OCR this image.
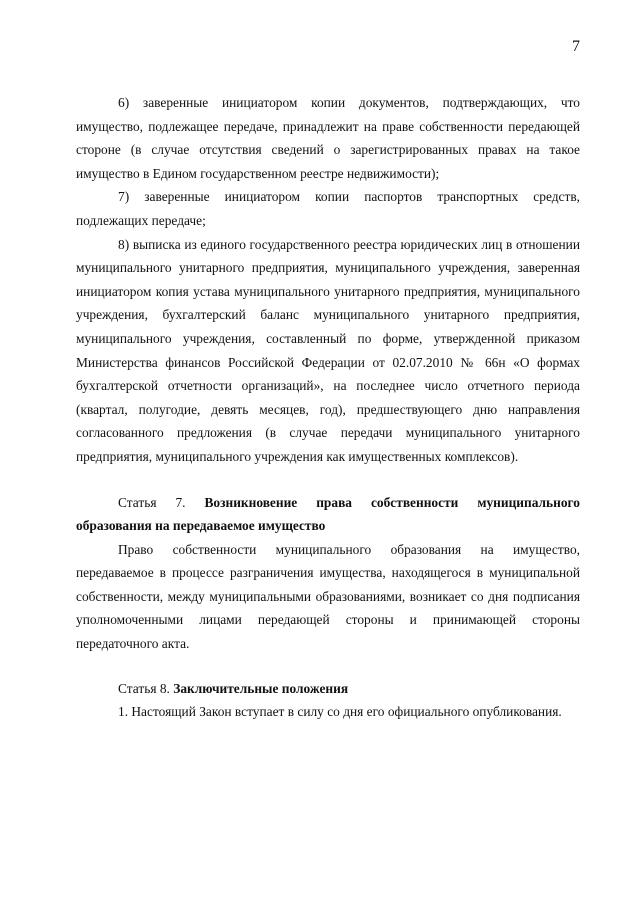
7

6) заверенные инициатором копии документов, подтверждающих, что имущество, подлежащее передаче, принадлежит на праве собственности передающей стороне (в случае отсутствия сведений о зарегистрированных правах на такое имущество в Едином государственном реестре недвижимости);

7) заверенные инициатором копии паспортов транспортных средств, подлежащих передаче;

8) выписка из единого государственного реестра юридических лиц в отношении муниципального унитарного предприятия, муниципального учреждения, заверенная инициатором копия устава муниципального унитарного предприятия, муниципального учреждения, бухгалтерский баланс муниципального унитарного предприятия, муниципального учреждения, составленный по форме, утвержденной приказом Министерства финансов Российской Федерации от 02.07.2010 № 66н «О формах бухгалтерской отчетности организаций», на последнее число отчетного периода (квартал, полугодие, девять месяцев, год), предшествующего дню направления согласованного предложения (в случае передачи муниципального унитарного предприятия, муниципального учреждения как имущественных комплексов).

Статья 7. Возникновение права собственности муниципального образования на передаваемое имущество

Право собственности муниципального образования на имущество, передаваемое в процессе разграничения имущества, находящегося в муниципальной собственности, между муниципальными образованиями, возникает со дня подписания уполномоченными лицами передающей стороны и принимающей стороны передаточного акта.

Статья 8. Заключительные положения

1. Настоящий Закон вступает в силу со дня его официального опубликования.
